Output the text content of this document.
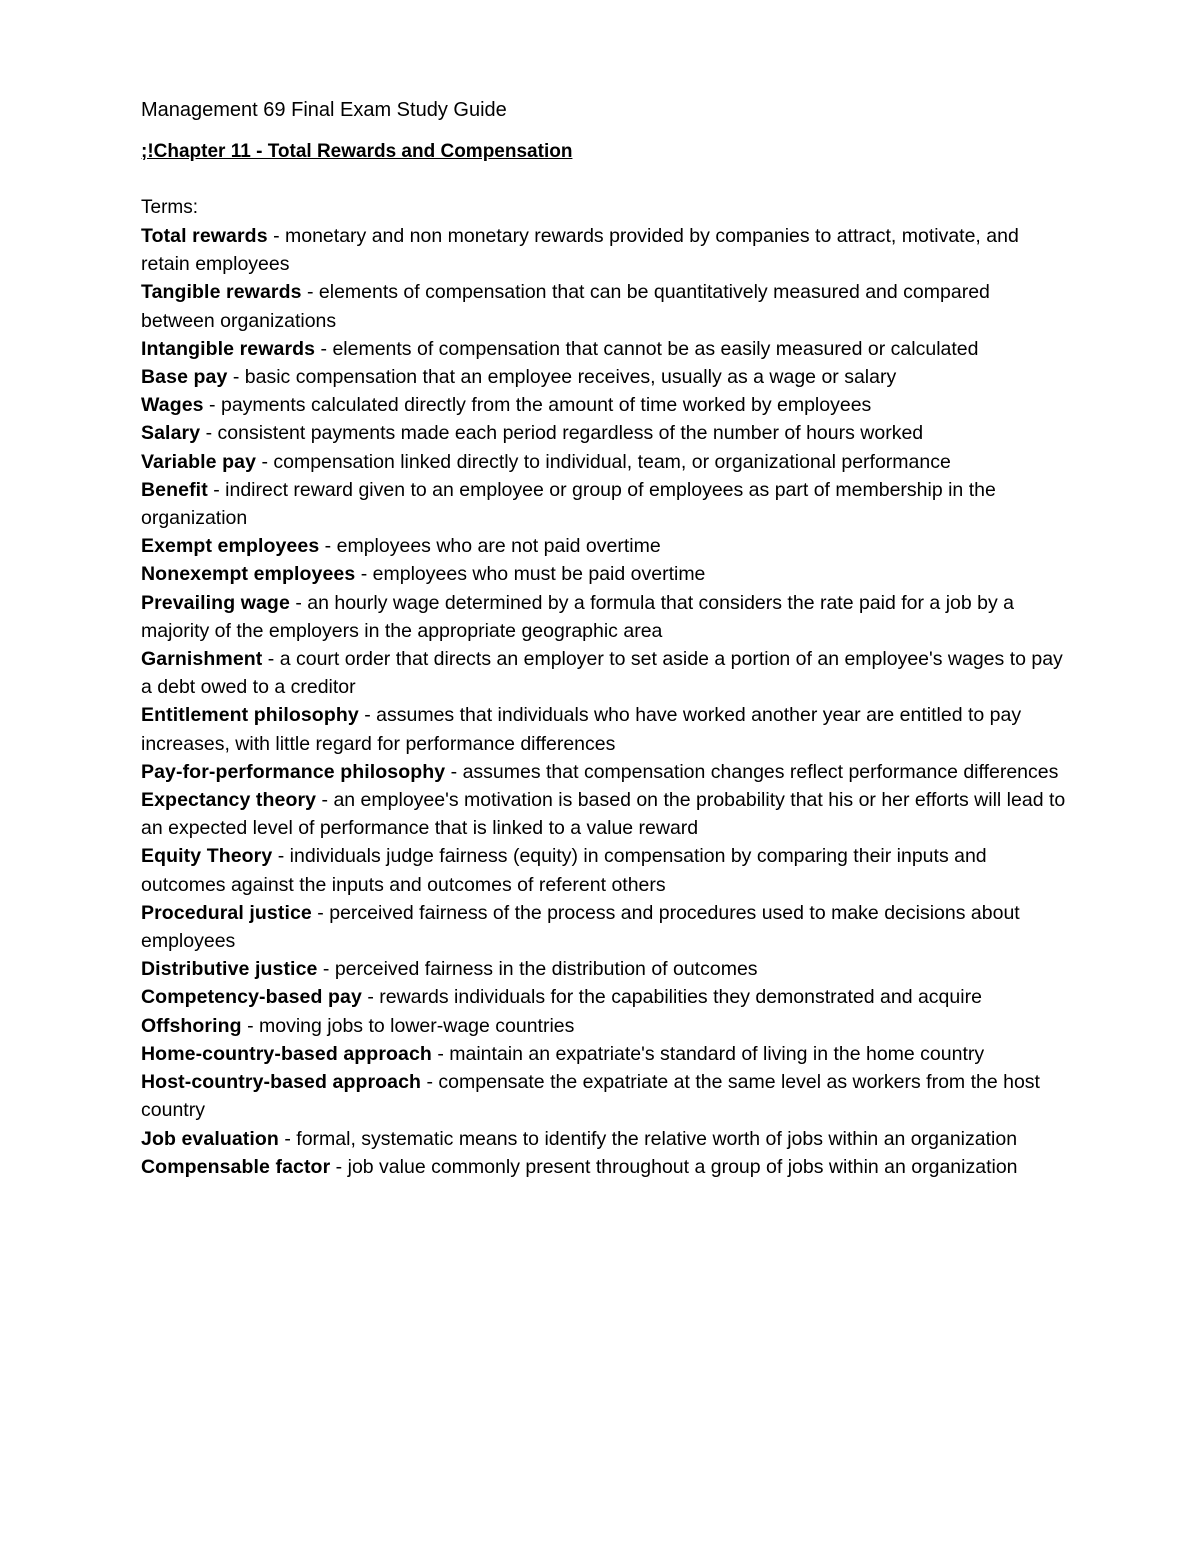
Management 69 Final Exam Study Guide
;!Chapter 11 - Total Rewards and Compensation
Terms:
Total rewards - monetary and non monetary rewards provided by companies to attract, motivate, and retain employees
Tangible rewards - elements of compensation that can be quantitatively measured and compared between organizations
Intangible rewards - elements of compensation that cannot be as easily measured or calculated
Base pay - basic compensation that an employee receives, usually as a wage or salary
Wages - payments calculated directly from the amount of time worked by employees
Salary - consistent payments made each period regardless of the number of hours worked
Variable pay - compensation linked directly to individual, team, or organizational performance
Benefit - indirect reward given to an employee or group of employees as part of membership in the organization
Exempt employees - employees who are not paid overtime
Nonexempt employees - employees who must be paid overtime
Prevailing wage - an hourly wage determined by a formula that considers the rate paid for a job by a majority of the employers in the appropriate geographic area
Garnishment - a court order that directs an employer to set aside a portion of an employee's wages to pay a debt owed to a creditor
Entitlement philosophy - assumes that individuals who have worked another year are entitled to pay increases, with little regard for performance differences
Pay-for-performance philosophy - assumes that compensation changes reflect performance differences
Expectancy theory - an employee's motivation is based on the probability that his or her efforts will lead to an expected level of performance that is linked to a value reward
Equity Theory - individuals judge fairness (equity) in compensation by comparing their inputs and outcomes against the inputs and outcomes of referent others
Procedural justice - perceived fairness of the process and procedures used to make decisions about employees
Distributive justice - perceived fairness in the distribution of outcomes
Competency-based pay - rewards individuals for the capabilities they demonstrated and acquire
Offshoring - moving jobs to lower-wage countries
Home-country-based approach - maintain an expatriate's standard of living in the home country
Host-country-based approach - compensate the expatriate at the same level as workers from the host country
Job evaluation - formal, systematic means to identify the relative worth of jobs within an organization
Compensable factor - job value commonly present throughout a group of jobs within an organization
